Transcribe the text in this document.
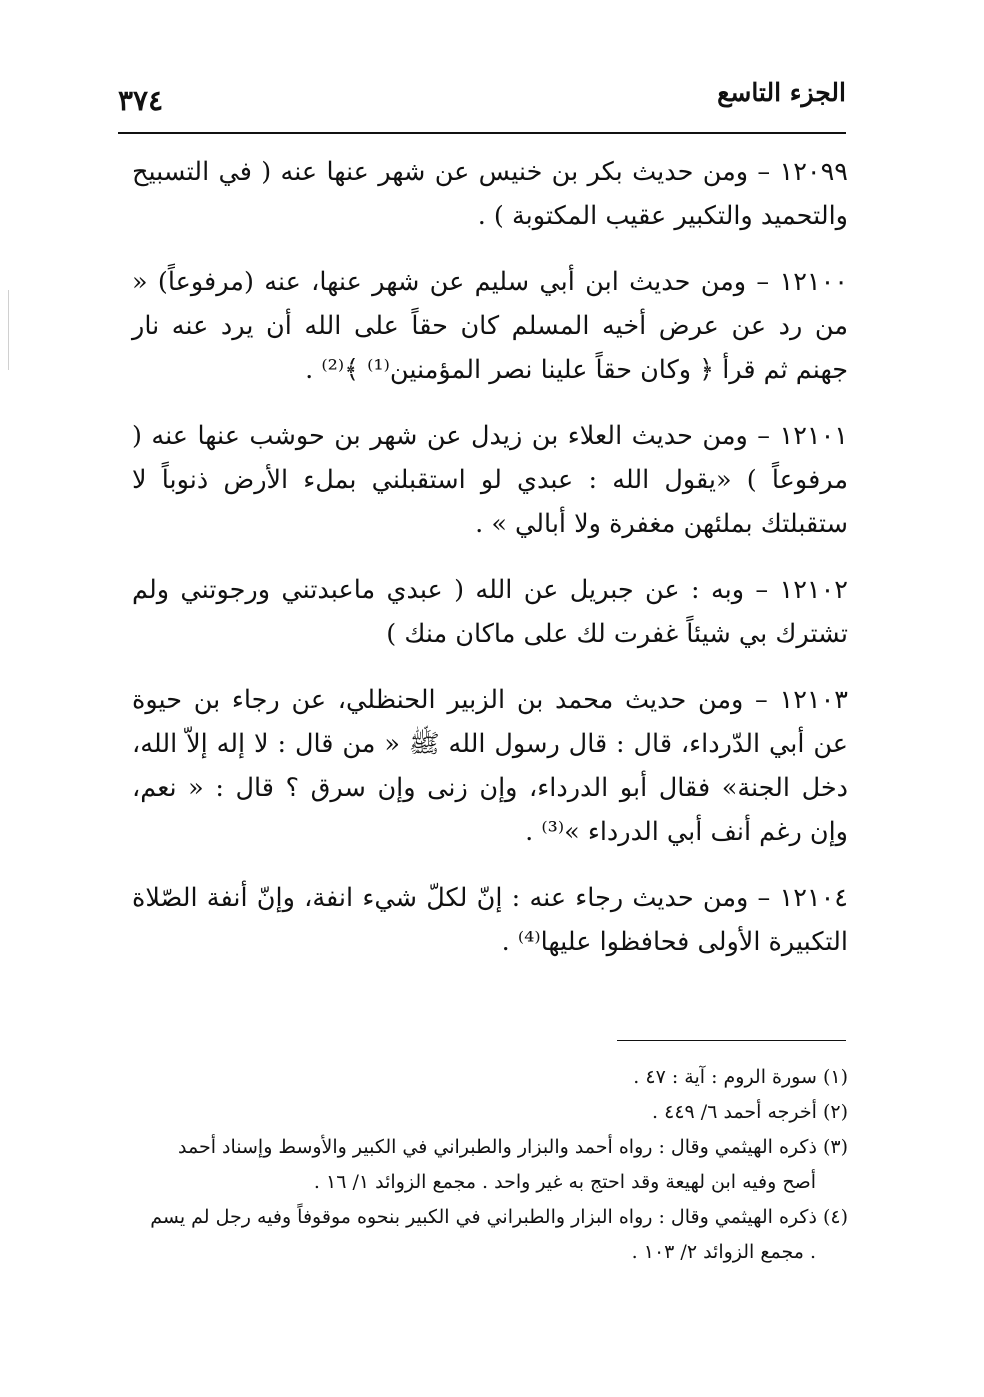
٣٧٤	الجزء التاسع

١٢٠٩٩ – ومن حديث بكر بن خنيس عن شهر عنها عنه ( في التسبيح والتحميد والتكبير عقيب المكتوبة ) .

١٢١٠٠ – ومن حديث ابن أبي سليم عن شهر عنها، عنه (مرفوعاً) « من رد عن عرض أخيه المسلم كان حقاً على الله أن يرد عنه نار جهنم ثم قرأ ﴿ وكان حقاً علينا نصر المؤمنين⁽¹⁾ ﴾⁽²⁾ .

١٢١٠١ – ومن حديث العلاء بن زيدل عن شهر بن حوشب عنها عنه ( مرفوعاً ) «يقول الله : عبدي لو استقبلني بملء الأرض ذنوباً لا ستقبلتك بملئهن مغفرة ولا أبالي » .

١٢١٠٢ – وبه : عن جبريل عن الله ( عبدي ماعبدتني ورجوتني ولم تشترك بي شيئاً غفرت لك على ماكان منك )

١٢١٠٣ – ومن حديث محمد بن الزبير الحنظلي، عن رجاء بن حيوة عن أبي الدّرداء، قال : قال رسول الله ﷺ « من قال : لا إله إلاّ الله، دخل الجنة» فقال أبو الدرداء، وإن زنى وإن سرق ؟ قال : « نعم، وإن رغم أنف أبي الدرداء »⁽³⁾ .

١٢١٠٤ – ومن حديث رجاء عنه : إنّ لكلّ شيء انفة، وإنّ أنفة الصّلاة التكبيرة الأولى فحافظوا عليها⁽⁴⁾ .

(١) سورة الروم : آية : ٤٧ .

(٢) أخرجه أحمد ٦/ ٤٤٩ .

(٣) ذكره الهيثمي وقال : رواه أحمد والبزار والطبراني في الكبير والأوسط وإسناد أحمد

أصح وفيه ابن لهيعة وقد احتج به غير واحد . مجمع الزوائد ١/ ١٦ .

(٤) ذكره الهيثمي وقال : رواه البزار والطبراني في الكبير بنحوه موقوفاً وفيه رجل لم يسم

. مجمع الزوائد ٢/ ١٠٣ .
